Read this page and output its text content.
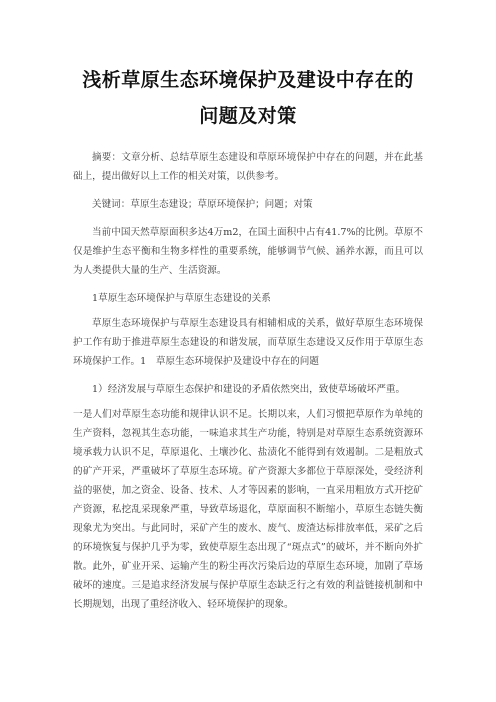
浅析草原生态环境保护及建设中存在的
问题及对策

摘要：文章分析、总结草原生态建设和草原环境保护中存在的问题，并在此基础上，提出做好以上工作的相关对策，以供参考。

关键词：草原生态建设；草原环境保护；问题；对策

当前中国天然草原面积多达4万m2，在国土面积中占有41.7%的比例。草原不仅是维护生态平衡和生物多样性的重要系统，能够调节气候、涵养水源，而且可以为人类提供大量的生产、生活资源。

1草原生态环境保护与草原生态建设的关系

草原生态环境保护与草原生态建设具有相辅相成的关系，做好草原生态环境保护工作有助于推进草原生态建设的和谐发展，而草原生态建设又反作用于草原生态环境保护工作。1　草原生态环境保护及建设中存在的问题

1）经济发展与草原生态保护和建设的矛盾依然突出，致使草场破坏严重。

一是人们对草原生态功能和规律认识不足。长期以来，人们习惯把草原作为单纯的生产资料，忽视其生态功能，一味追求其生产功能，特别是对草原生态系统资源环境承载力认识不足，草原退化、土壤沙化、盐渍化不能得到有效遏制。二是粗放式的矿产开采，严重破坏了草原生态环境。矿产资源大多都位于草原深处，受经济利益的驱使，加之资金、设备、技术、人才等因素的影响，一直采用粗放方式开挖矿产资源，私挖乱采现象严重，导致草场退化，草原面积不断缩小，草原生态链失衡现象尤为突出。与此同时，采矿产生的废水、废气、废渣达标排放率低，采矿之后的环境恢复与保护几乎为零，致使草原生态出现了“斑点式”的破坏，并不断向外扩散。此外，矿业开采、运输产生的粉尘再次污染后边的草原生态环境，加剧了草场破坏的速度。三是追求经济发展与保护草原生态缺乏行之有效的利益链接机制和中长期规划，出现了重经济收入、轻环境保护的现象。
